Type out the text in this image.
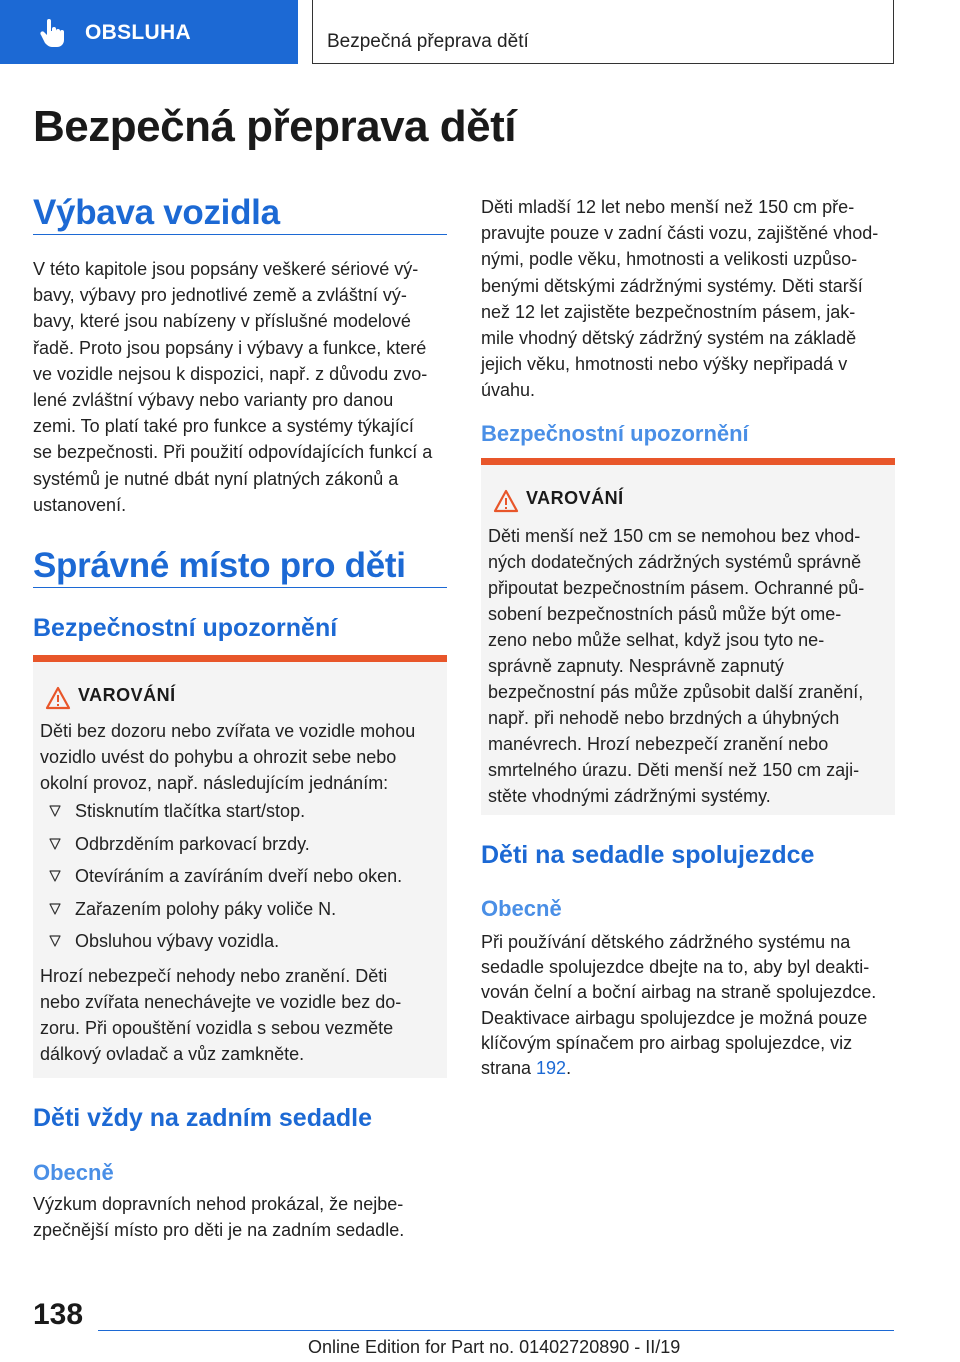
OBSLUHA	Bezpečná přeprava dětí
Bezpečná přeprava dětí
Výbava vozidla

V této kapitole jsou popsány veškeré sériové vý-

bavy, výbavy pro jednotlivé země a zvláštní vý-

bavy, které jsou nabízeny v příslušné modelové

řadě. Proto jsou popsány i výbavy a funkce, které

ve vozidle nejsou k dispozici, např. z důvodu zvo-

lené zvláštní výbavy nebo varianty pro danou

zemi. To platí také pro funkce a systémy týkající

se bezpečnosti. Při použití odpovídajících funkcí a

systémů je nutné dbát nyní platných zákonů a

ustanovení.

Správné místo pro děti
Bezpečnostní upozornění
VAROVÁNÍ

Děti bez dozoru nebo zvířata ve vozidle mohou

vozidlo uvést do pohybu a ohrozit sebe nebo

okolní provoz, např. následujícím jednáním:

Stisknutím tlačítka start/stop.
Odbrzděním parkovací brzdy.
Otevíráním a zavíráním dveří nebo oken.
Zařazením polohy páky voliče N.
Obsluhou výbavy vozidla.

Hrozí nebezpečí nehody nebo zranění. Děti

nebo zvířata nenechávejte ve vozidle bez do-

zoru. Při opouštění vozidla s sebou vezměte

dálkový ovladač a vůz zamkněte.

Děti vždy na zadním sedadle
Obecně

Výzkum dopravních nehod prokázal, že nejbe-

zpečnější místo pro děti je na zadním sedadle.

Děti mladší 12 let nebo menší než 150 cm pře-

pravujte pouze v zadní části vozu, zajištěné vhod-

nými, podle věku, hmotnosti a velikosti uzpůso-

benými dětskými zádržnými systémy. Děti starší

než 12 let zajistěte bezpečnostním pásem, jak-

mile vhodný dětský zádržný systém na základě

jejich věku, hmotnosti nebo výšky nepřipadá v

úvahu.

Bezpečnostní upozornění
VAROVÁNÍ

Děti menší než 150 cm se nemohou bez vhod-

ných dodatečných zádržných systémů správně

připoutat bezpečnostním pásem. Ochranné pů-

sobení bezpečnostních pásů může být ome-

zeno nebo může selhat, když jsou tyto ne-

správně zapnuty. Nesprávně zapnutý

bezpečnostní pás může způsobit další zranění,

např. při nehodě nebo brzdných a úhybných

manévrech. Hrozí nebezpečí zranění nebo

smrtelného úrazu. Děti menší než 150 cm zaji-

stěte vhodnými zádržnými systémy.

Děti na sedadle spolujezdce
Obecně

Při používání dětského zádržného systému na

sedadle spolujezdce dbejte na to, aby byl deakti-

vován čelní a boční airbag na straně spolujezdce.

Deaktivace airbagu spolujezdce je možná pouze

klíčovým spínačem pro airbag spolujezdce, viz

strana 192.

138
Online Edition for Part no. 01402720890 - II/19
